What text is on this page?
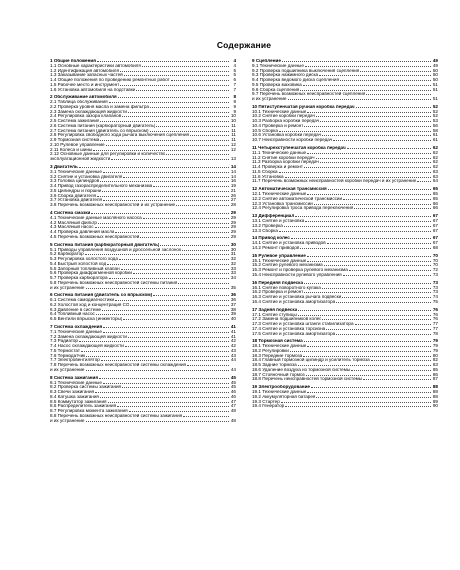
Содержание
1 Общие положения	4
1.1 Основные характеристики автомобиля	4
1.2 Идентификация автомобиля	5
1.3 Заказывание запасных частей	5
1.4 Общие положения по проведению ремонтных работ	6
1.5 Рабочее место и инструмент	7
1.6 Установка автомобиля на подставки	7
2 Обслуживание автомобиля	8
2.1 Таблица обслуживания	8
2.2 Проверка уровня масла и замена фильтра	9
2.3 Замена охлаждающей жидкости	9
2.4 Регулировка зазора клапанов	10
2.5 Система зажигания	10
2.6 Система питания (карбюраторный двигатель)	11
2.7 Система питания (двигатель со впрыском)	11
2.8 Регулировка свободного хода рычага выключения сцепления	11
2.9 Тормозная система	11
2.10 Рулевое управление	12
2.11 Колеса и шины	12
2.12 Основные данные для регулировки и количество
эксплуатационной жидкости	13
3 Двигатель	14
3.1 Технические данные	14
3.2 Снятие и установка двигателя	14
3.3 Головка цилиндров	16
3.4 Привод газораспределительного механизма	19
3.5 Цилиндры и поршни	21
3.6 Сборка двигателя	26
3.7 Установка двигателя	27
3.8 Перечень возможных неисправностей и их устранение	28
4 Система смазки	29
4.1 Технические данные масляного насоса	29
4.2 Масляный фильтр	29
4.3 Масляный насос	29
4.4 Проверка давления масла	29
4.5 Перечень возможных неисправностей	29
5 Система питания (карбюраторный двигатель)	30
5.1 Приводы управления воздушной и дроссельной заслонок	30
5.2 Карбюратор	31
5.3 Регулировка холостого хода	32
5.4 Быстрый холостой ход	32
5.5 Запорный топливный клапан	33
5.6 Проверка диафрагменной коробки	33
5.7 Проверка карбюратора	34
5.8 Перечень возможных неисправностей системы питания
и их устранение	35
6 Система питания (двигатель со впрыском)	36
6.1 Система самодиагностики	36
6.2 Холостой ход и концентрация СО	37
6.3 Давление в системе	38
6.4 Топливный насос	39
6.5 Вентили впрыска (инжекторы)	40
7 Система охлаждения	41
7.1 Технические данные	41
7.2 Замена охлаждающей жидкости	41
7.3 Радиатор	42
7.4 Насос охлаждающей жидкости	42
7.5 Термостат	43
7.6 Термодатчик	43
7.7 Электровентилятор	44
7.8 Перечень возможных неисправностей системы охлаждения
и их устранение	44
8 Система зажигания	45
8.1 Технические данные	45
8.2 Проверка системы зажигания	45
8.3 Свечи зажигания	46
8.4 Катушка зажигания	46
8.5 Коммутатор зажигания	47
8.6 Распределитель зажигания	47
8.7 Регулировка момента зажигания	48
8.8 Перечень возможных неисправностей системы зажигания
и их устранение	48
9 Сцепление	49
9.1 Технические данные	49
9.2 Проверка подшипника выключения сцепления	50
9.3 Проверка нажимного диска	50
9.4 Проверка ведомого диска сцепления	50
9.5 Проверка маховика	51
9.6 Сборка сцепления	51
9.7 Перечень возможных неисправностей сцепления
и их устранение	51
10 Пятиступенчатая ручная коробка передач	52
10.1 Технические данные	52
10.2 Снятие коробки передач	52
10.3 Разборка коробки передач	53
10.4 Проверка и ремонт	56
10.5 Сборка	58
10.6 Установка коробки передач	61
10.7 Неисправности коробки передач	61
11 Четырехступенчатая коробка передач	62
11.1 Технические данные	62
11.2 Снятие коробки передач	62
11.3 Разборка коробки передач	62
11.4 Проверка и ремонт	62
11.5 Сборка	63
11.6 Установка	63
11.7 Перечень возможных неисправностей коробки передач и их устранение	64
12 Автоматическая трансмиссия	65
12.1 Технические данные	65
12.2 Снятие автоматической трансмиссии	65
12.3 Установка трансмиссии	66
12.4 Регулировка троса привода переключения	66
13 Дифференциал	67
13.1 Снятие и установка	67
13.2 Проверка	67
13.3 Сборка	67
14 Привод колес	67
14.1 Снятие и установка приводов	67
14.2 Ремонт приводов	68
15 Рулевое управление	70
15.1 Технические данные	70
15.2 Снятие рулевого механизма	70
15.3 Ремонт и проверка рулевого механизма	72
15.4 Неисправности рулевого управления	73
16 Передняя подвеска	73
16.1 Снятие поворотного кулака	73
16.2 Проверка и ремонт	73
16.3 Снятие и установка рычага подвески	74
16.4 Снятие и установка амортизатора	75
17 Задняя подвеска	76
17.1 Снятие ступицы	76
17.2 Замена подшипников колес	76
17.3 Снятие и установка штанги стабилизатора	77
17.4 Снятие и установка торсиона	77
17.5 Снятие и установка амортизатора	78
18 Тормозная система	79
18.1 Технические данные	79
18.2 Регулировки	79
18.3 Передние тормоза	80
18.4 Главный тормозной цилиндр и усилитель тормоза	82
18.5 Задние тормоза	83
18.6 Удаление воздуха из тормозной системы	85
18.7 Стояночный тормоз	86
18.8 Перечень неисправностей тормозной системы	87
19 Электрооборудование	88
19.1 Технические данные	88
19.2 Аккумуляторная батарея	88
19.3 Стартер	89
19.4 Генератор	90
